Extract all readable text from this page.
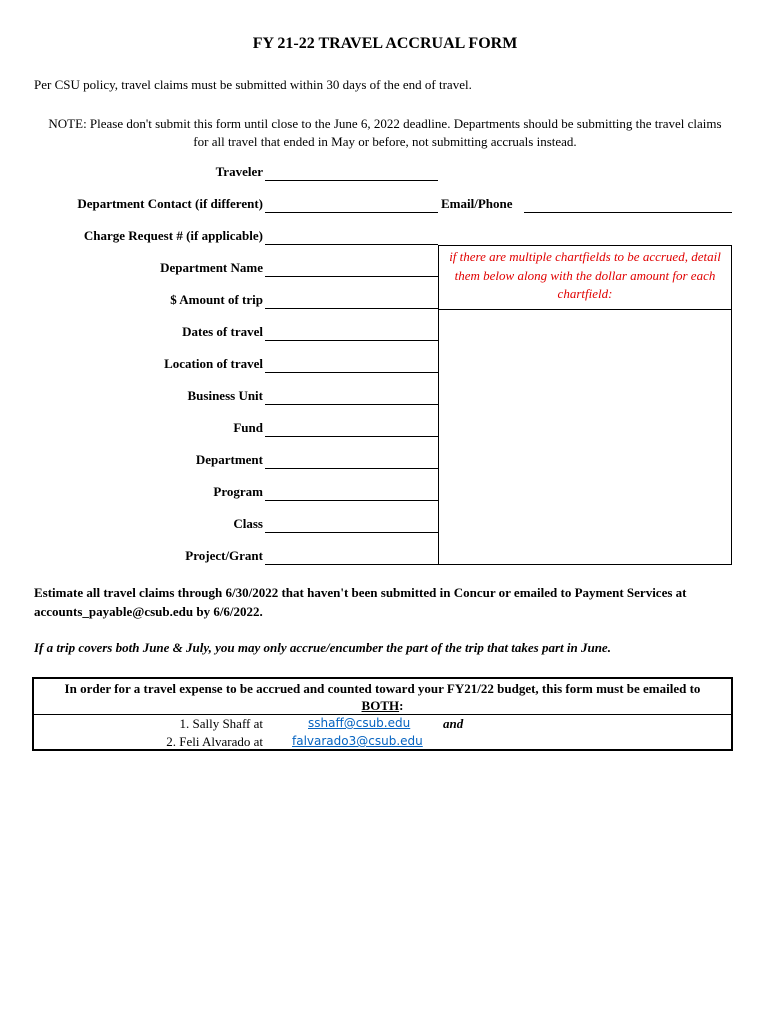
FY 21-22 TRAVEL ACCRUAL FORM
Per CSU policy, travel claims must be submitted within 30 days of the end of travel.
NOTE: Please don't submit this form until close to the June 6, 2022 deadline. Departments should be submitting the travel claims for all travel that ended in May or before, not submitting accruals instead.
Traveler
Department Contact (if different)	Email/Phone
Charge Request # (if applicable)
Department Name
$ Amount of trip
Dates of travel
Location of travel
Business Unit
Fund
Department
Program
Class
Project/Grant
if there are multiple chartfields to be accrued, detail them below along with the dollar amount for each chartfield:
Estimate all travel claims through 6/30/2022 that haven't been submitted in Concur or emailed to Payment Services at accounts_payable@csub.edu by 6/6/2022.
If a trip covers both June & July, you may only accrue/encumber the part of the trip that takes part in June.
In order for a travel expense to be accrued and counted toward your FY21/22 budget, this form must be emailed to
BOTH:
1. Sally Shaff at	sshaff@csub.edu	and
2. Feli Alvarado at falvarado3@csub.edu
